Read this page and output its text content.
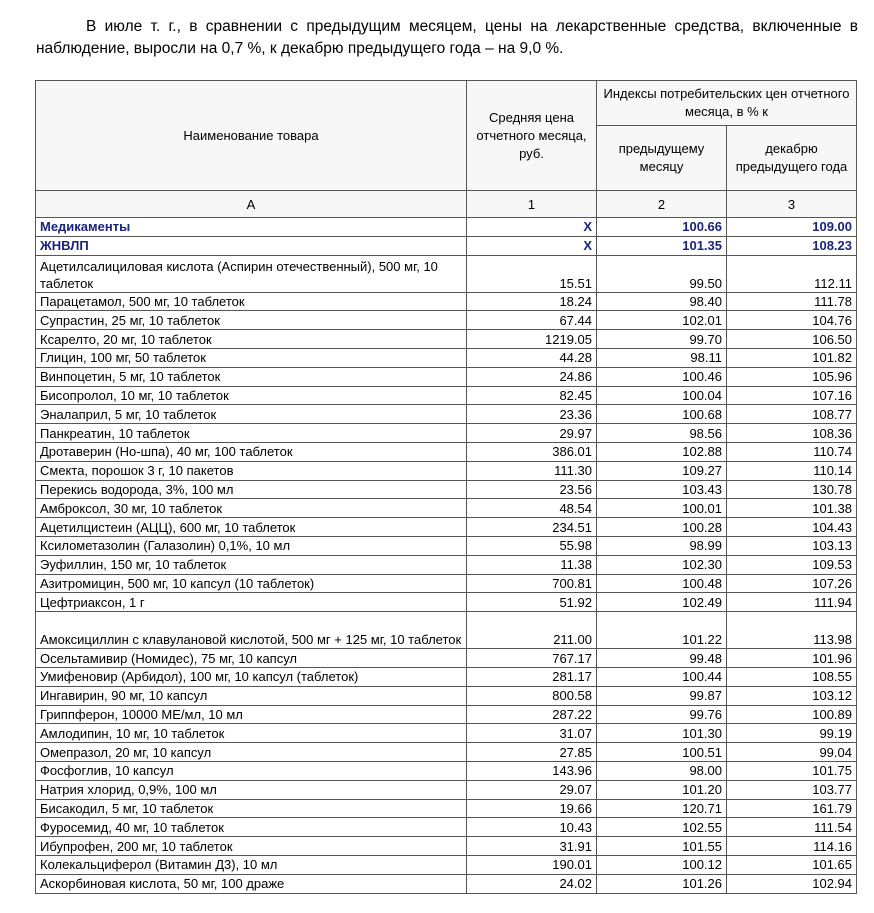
В июле т. г., в сравнении с предыдущим месяцем, цены на лекарственные средства, включенные в наблюдение, выросли на 0,7 %, к декабрю предыдущего года – на 9,0 %.

Наименование товара	Средняя цена отчетного месяца, руб.	Индексы потребительских цен отчетного месяца, в % к	
		предыдущему месяцу	декабрю предыдущего года
А	1	2	3
Медикаменты	X	100.66	109.00
ЖНВЛП	X	101.35	108.23
Ацетилсалициловая кислота (Аспирин отечественный), 500 мг, 10 таблеток	15.51	99.50	112.11
Парацетамол, 500 мг, 10 таблеток	18.24	98.40	111.78
Супрастин, 25 мг, 10 таблеток	67.44	102.01	104.76
Ксарелто, 20 мг, 10 таблеток	1219.05	99.70	106.50
Глицин, 100 мг, 50 таблеток	44.28	98.11	101.82
Винпоцетин, 5 мг, 10 таблеток	24.86	100.46	105.96
Бисопролол, 10 мг, 10 таблеток	82.45	100.04	107.16
Эналаприл, 5 мг, 10 таблеток	23.36	100.68	108.77
Панкреатин, 10 таблеток	29.97	98.56	108.36
Дротаверин (Но-шпа), 40 мг, 100 таблеток	386.01	102.88	110.74
Смекта, порошок 3 г, 10 пакетов	111.30	109.27	110.14
Перекись водорода, 3%, 100 мл	23.56	103.43	130.78
Амброксол, 30 мг, 10 таблеток	48.54	100.01	101.38
Ацетилцистеин (АЦЦ), 600 мг, 10 таблеток	234.51	100.28	104.43
Ксилометазолин (Галазолин) 0,1%, 10 мл	55.98	98.99	103.13
Эуфиллин, 150 мг, 10 таблеток	11.38	102.30	109.53
Азитромицин, 500 мг, 10 капсул (10 таблеток)	700.81	100.48	107.26
Цефтриаксон, 1 г	51.92	102.49	111.94
Амоксициллин с клавулановой кислотой, 500 мг + 125 мг, 10 таблеток	211.00	101.22	113.98
Осельтамивир (Номидес), 75 мг, 10 капсул	767.17	99.48	101.96
Умифеновир (Арбидол), 100 мг, 10 капсул (таблеток)	281.17	100.44	108.55
Ингавирин, 90 мг, 10 капсул	800.58	99.87	103.12
Гриппферон, 10000 МЕ/мл, 10 мл	287.22	99.76	100.89
Амлодипин, 10 мг, 10 таблеток	31.07	101.30	99.19
Омепразол, 20 мг, 10 капсул	27.85	100.51	99.04
Фосфоглив, 10 капсул	143.96	98.00	101.75
Натрия хлорид, 0,9%, 100 мл	29.07	101.20	103.77
Бисакодил, 5 мг, 10 таблеток	19.66	120.71	161.79
Фуросемид, 40 мг, 10 таблеток	10.43	102.55	111.54
Ибупрофен, 200 мг, 10 таблеток	31.91	101.55	114.16
Колекальциферол (Витамин Д3), 10 мл	190.01	100.12	101.65
Аскорбиновая кислота, 50 мг, 100 драже	24.02	101.26	102.94
